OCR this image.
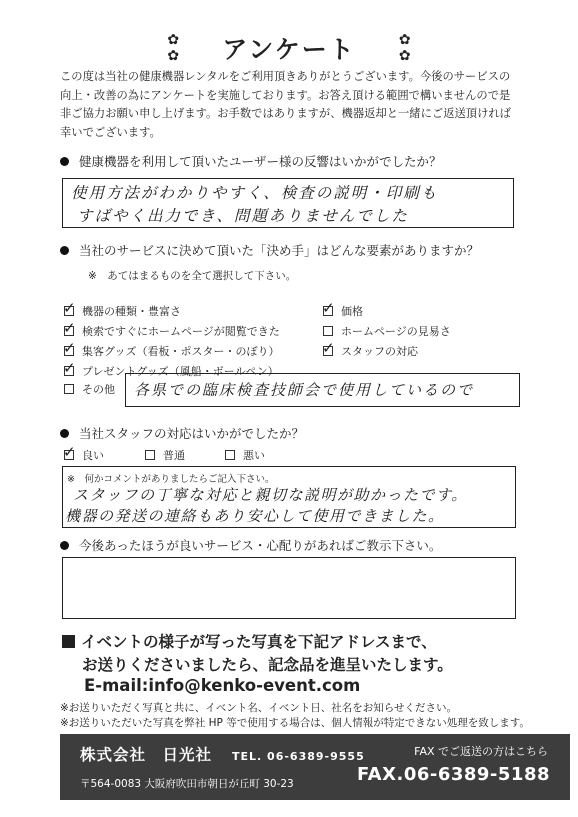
✿
✿ アンケート	✿
✿
この度は当社の健康機器レンタルをご利用頂きありがとうございます。今後のサービスの
向上・改善の為にアンケートを実施しております。お答え頂ける範囲で構いませんので是
非ご協力お願い申し上げます。お手数ではありますが、機器返却と一緒にご返送頂ければ
幸いでございます。
健康機器を利用して頂いたユーザー様の反響はいかがでしたか？
使用方法がわかりやすく、検査の説明・印刷も
すばやく出力でき、問題ありませんでした
当社のサービスに決めて頂いた「決め手」はどんな要素がありますか？
※　あてはまるものを全て選択して下さい。
✓ 機器の種類・豊富さ	✓ 価格
✓ 検索ですぐにホームページが閲覧できた	ホームページの見易さ
✓ 集客グッズ（看板・ポスター・のぼり）	✓ スタッフの対応
✓ プレゼントグッズ（風船・ボールペン）
その他 各県での臨床検査技師会で使用しているので
当社スタッフの対応はいかがでしたか？
✓ 良い	普通	悪い
※　何かコメントがありましたらご記入下さい。
スタッフの丁寧な対応と親切な説明が助かったです。
機器の発送の連絡もあり安心して使用できました。
今後あったほうが良いサービス・心配りがあればご教示下さい。
イベントの様子が写った写真を下記アドレスまで、
お送りくださいましたら、記念品を進呈いたします。
E-mail:info@kenko-event.com
※お送りいただく写真と共に、イベント名、イベント日、社名をお知らせください。
※お送りいただいた写真を弊社 HP 等で使用する場合は、個人情報が特定できない処理を致します。
株式会社　日光社 TEL. 06-6389-9555
〒564-0083 大阪府吹田市朝日が丘町 30-23
FAX でご返送の方はこちら
FAX.06-6389-5188
